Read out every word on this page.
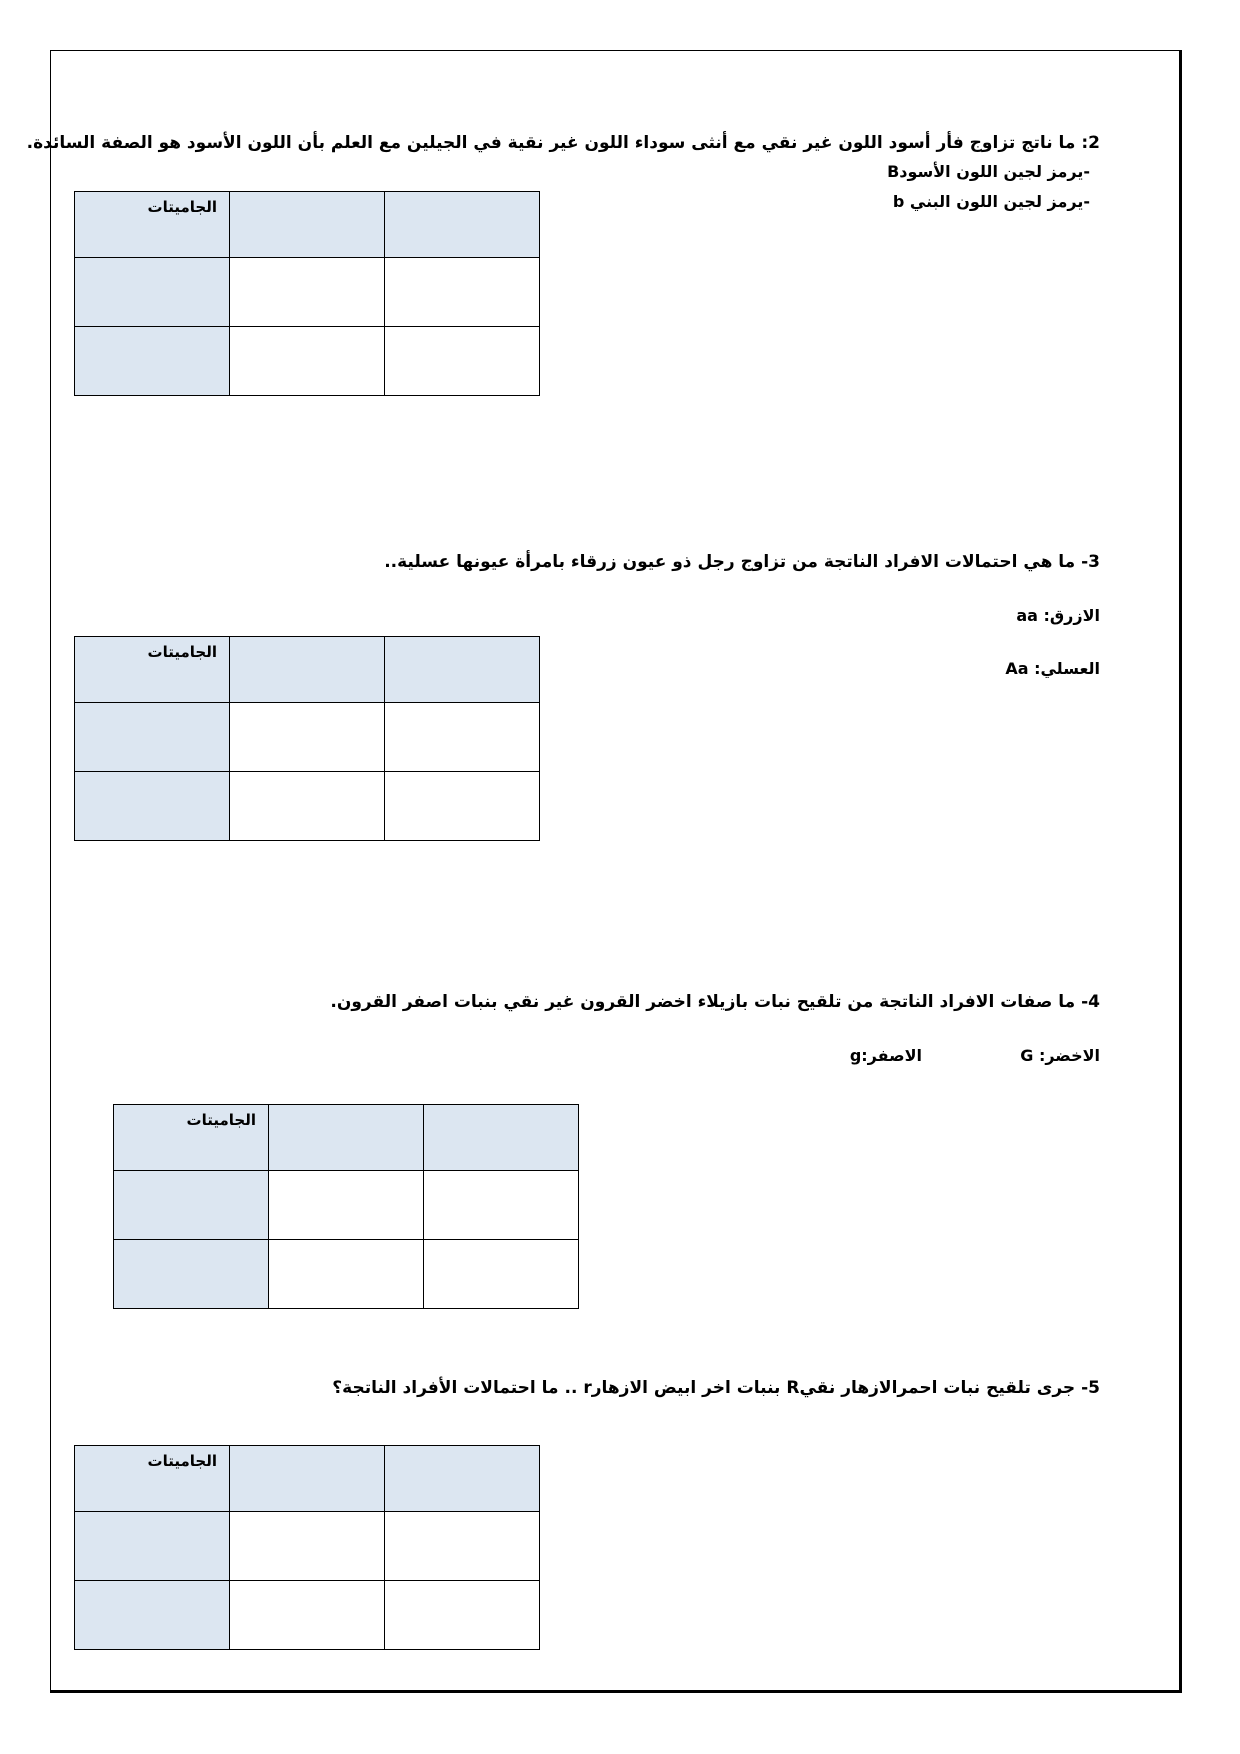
2: ما ناتج تزاوج فأر أسود اللون غير نقي مع أنثى سوداء اللون غير نقية في الجيلين مع العلم بأن اللون الأسود هو الصفة السائدة.
-يرمز لجين اللون الأسودB
-يرمز لجين اللون البني b
الجاميتات		

3- ما هي احتمالات الافراد الناتجة من تزاوج رجل ذو عيون زرقاء بامرأة عيونها عسلية..
الازرق: aa
العسلي: Aa
الجاميتات		

4- ما صفات الافراد الناتجة من تلقيح نبات بازيلاء اخضر القرون غير نقي بنبات اصفر القرون.
الاخضر: G
الاصفر:g
الجاميتات		

5- جرى تلقيح نبات احمرالازهار نقيR بنبات اخر ابيض الازهارr .. ما احتمالات الأفراد الناتجة؟
الجاميتات		
